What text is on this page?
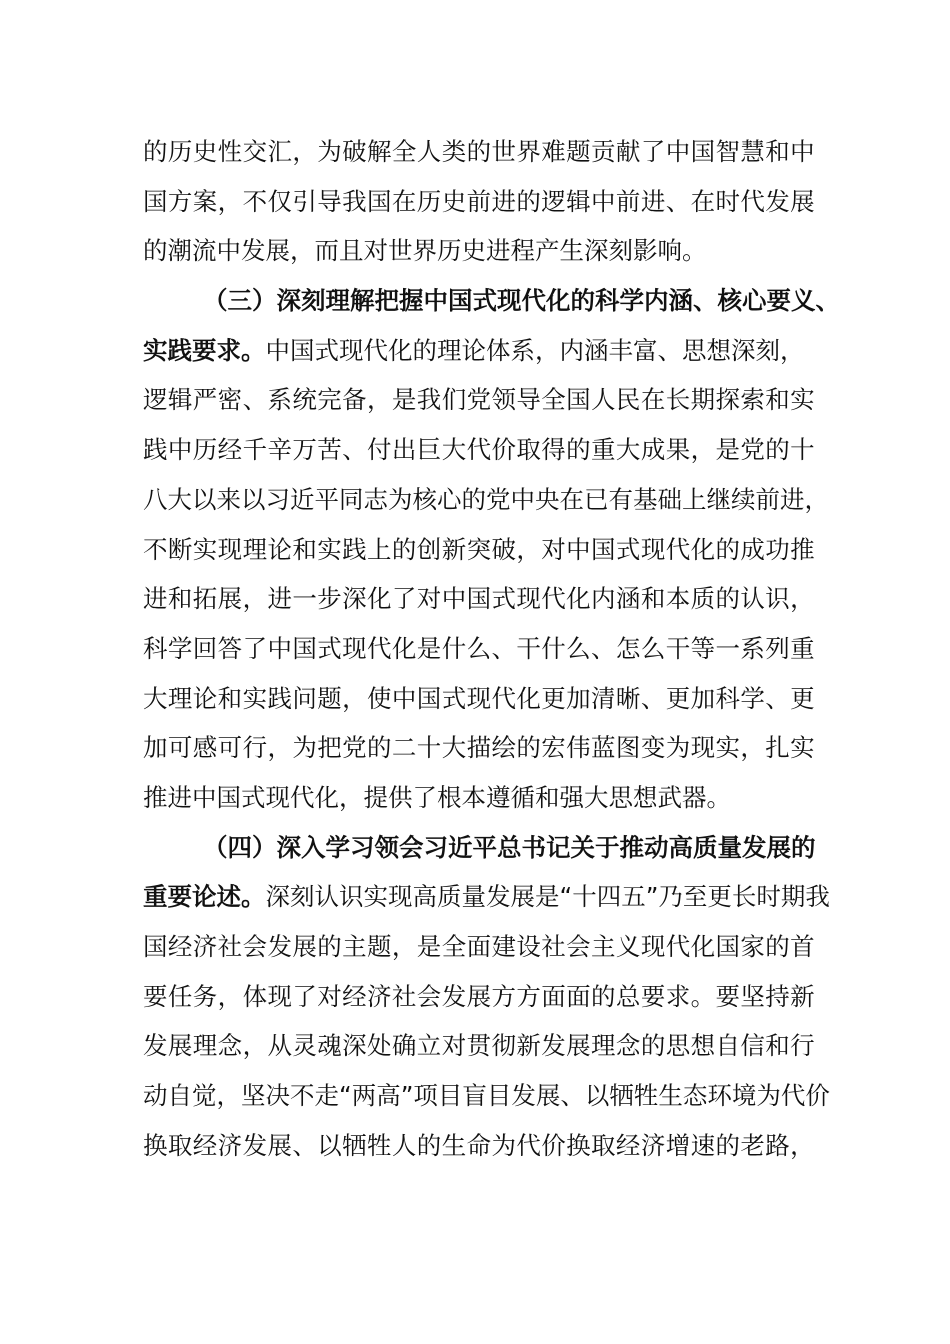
的 历 史 性 交 汇 ， 为 破 解 全 人 类 的 世 界 难 题 贡 献 了 中 国 智 慧 和 中
国 方 案 ， 不 仅 引 导 我 国 在 历 史 前 进 的 逻 辑 中 前 进 、 在 时 代 发 展
的潮流中发展，而且对世界历史进程产生深刻影响。
（三）深刻理解把握中国式现代化的科学内涵、核心要义、
实践要求。中国式现代化的理论体系，内涵丰富、思想深刻，
逻 辑 严 密 、 系 统 完 备 ， 是 我 们 党 领 导 全 国 人 民 在 长 期 探 索 和 实
践 中 历 经 千 辛 万 苦 、 付 出 巨 大 代 价 取 得 的 重 大 成 果 ， 是 党 的 十
八 大 以 来 以 习 近 平 同 志 为 核 心 的 党 中 央 在 已 有 基 础 上 继 续 前 进 ，
不 断 实 现 理 论 和 实 践 上 的 创 新 突 破 ， 对 中 国 式 现 代 化 的 成 功 推
进 和 拓 展 ， 进 一 步 深 化 了 对 中 国 式 现 代 化 内 涵 和 本 质 的 认 识 ，
科 学 回 答 了 中 国 式 现 代 化 是 什 么 、 干 什 么 、 怎 么 干 等 一 系 列 重
大 理 论 和 实 践 问 题 ， 使 中 国 式 现 代 化 更 加 清 晰 、 更 加 科 学 、 更
加 可 感 可 行 ， 为 把 党 的 二 十 大 描 绘 的 宏 伟 蓝 图 变 为 现 实 ， 扎 实
推进中国式现代化，提供了根本遵循和强大思想武器。
（四）深入学习领会习近平总书记关于推动高质量发展的
重要论述。深刻认识实现高质量发展是“十四五”乃至更长时期我
国 经 济 社 会 发 展 的 主 题 ， 是 全 面 建 设 社 会 主 义 现 代 化 国 家 的 首
要 任 务 ， 体 现 了 对 经 济 社 会 发 展 方 方 面 面 的 总 要 求 。 要 坚 持 新
发 展 理 念 ， 从 灵 魂 深 处 确 立 对 贯 彻 新 发 展 理 念 的 思 想 自 信 和 行
动 自 觉 ， 坚 决 不 走 “ 两 高 ” 项 目 盲 目 发 展 、 以 牺 牲 生 态 环 境 为 代 价
换 取 经 济 发 展 、 以 牺 牲 人 的 生 命 为 代 价 换 取 经 济 增 速 的 老 路 ，
